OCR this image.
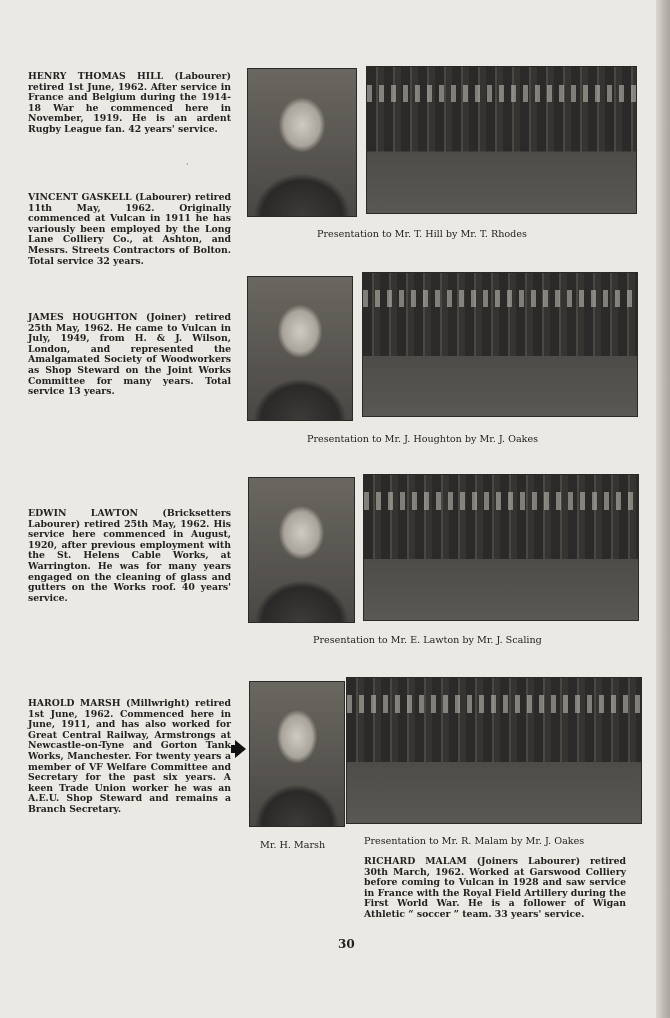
HENRY THOMAS HILL (Labourer) retired 1st June, 1962. After service in France and Belgium during the 1914-18 War he commenced here in November, 1919. He is an ardent Rugby League fan. 42 years' service.
Presentation to Mr. T. Hill by Mr. T. Rhodes
·
VINCENT GASKELL (Labourer) retired 11th May, 1962. Originally commenced at Vulcan in 1911 he has variously been employed by the Long Lane Colliery Co., at Ashton, and Messrs. Streets Contractors of Bolton. Total service 32 years.
JAMES HOUGHTON (Joiner) retired 25th May, 1962. He came to Vulcan in July, 1949, from H. & J. Wilson, London, and represented the Amalgamated Society of Woodworkers as Shop Steward on the Joint Works Committee for many years. Total service 13 years.
Presentation to Mr. J. Houghton by Mr. J. Oakes
EDWIN LAWTON (Bricksetters Labourer) retired 25th May, 1962. His service here commenced in August, 1920, after previous employment with the St. Helens Cable Works, at Warrington. He was for many years engaged on the cleaning of glass and gutters on the Works roof. 40 years' service.
Presentation to Mr. E. Lawton by Mr. J. Scaling
HAROLD MARSH (Millwright) retired 1st June, 1962. Commenced here in June, 1911, and has also worked for Great Central Railway, Armstrongs at Newcastle-on-Tyne and Gorton Tank Works, Manchester. For twenty years a member of VF Welfare Committee and Secretary for the past six years. A keen Trade Union worker he was an A.E.U. Shop Steward and remains a Branch Secretary.
Mr. H. Marsh	Presentation to Mr. R. Malam by Mr. J. Oakes
RICHARD MALAM (Joiners Labourer) retired 30th March, 1962. Worked at Garswood Colliery before coming to Vulcan in 1928 and saw service in France with the Royal Field Artillery during the First World War. He is a follower of Wigan Athletic “ soccer ” team. 33 years' service.
30
